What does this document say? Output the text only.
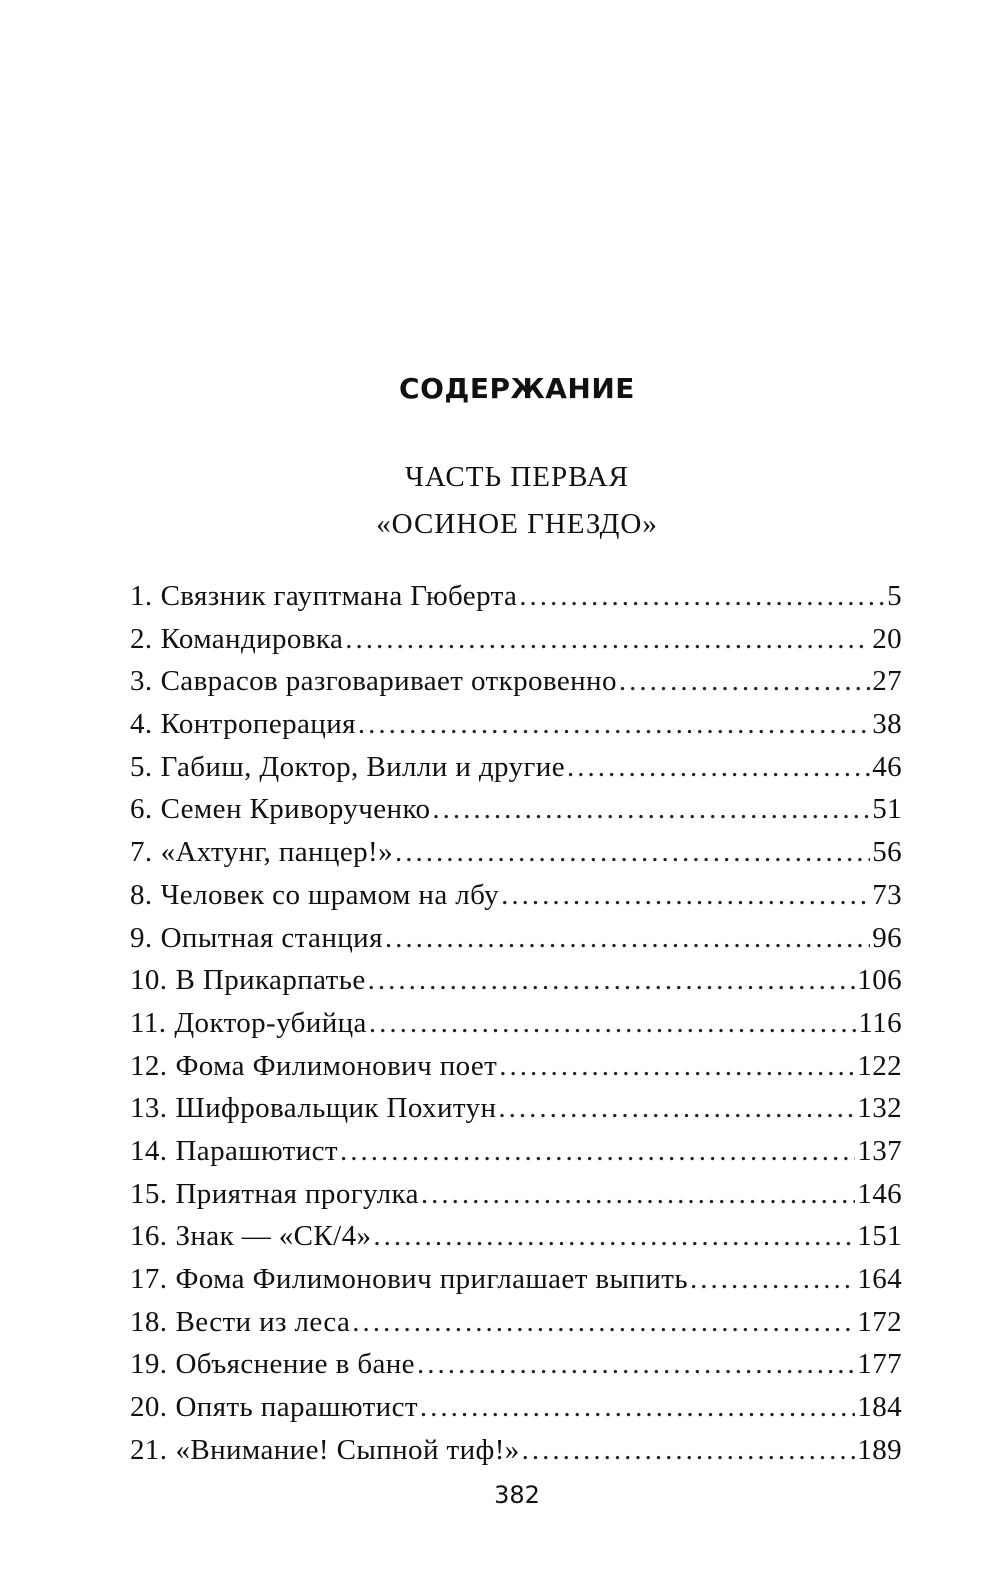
СОДЕРЖАНИЕ
ЧАСТЬ ПЕРВАЯ
«ОСИНОЕ ГНЕЗДО»
1. Связник гауптмана Гюберта .....	5
2. Командировка .....	20
3. Саврасов разговаривает откровенно .....	27
4. Контроперация .....	38
5. Габиш, Доктор, Вилли и другие .....	46
6. Семен Криворученко .....	51
7. «Ахтунг, панцер!» .....	56
8. Человек со шрамом на лбу .....	73
9. Опытная станция .....	96
10. В Прикарпатье .....	106
11. Доктор-убийца .....	116
12. Фома Филимонович поет .....	122
13. Шифровальщик Похитун .....	132
14. Парашютист .....	137
15. Приятная прогулка .....	146
16. Знак — «СК/4» .....	151
17. Фома Филимонович приглашает выпить .....	164
18. Вести из леса .....	172
19. Объяснение в бане .....	177
20. Опять парашютист .....	184
21. «Внимание! Сыпной тиф!» .....	189
382
